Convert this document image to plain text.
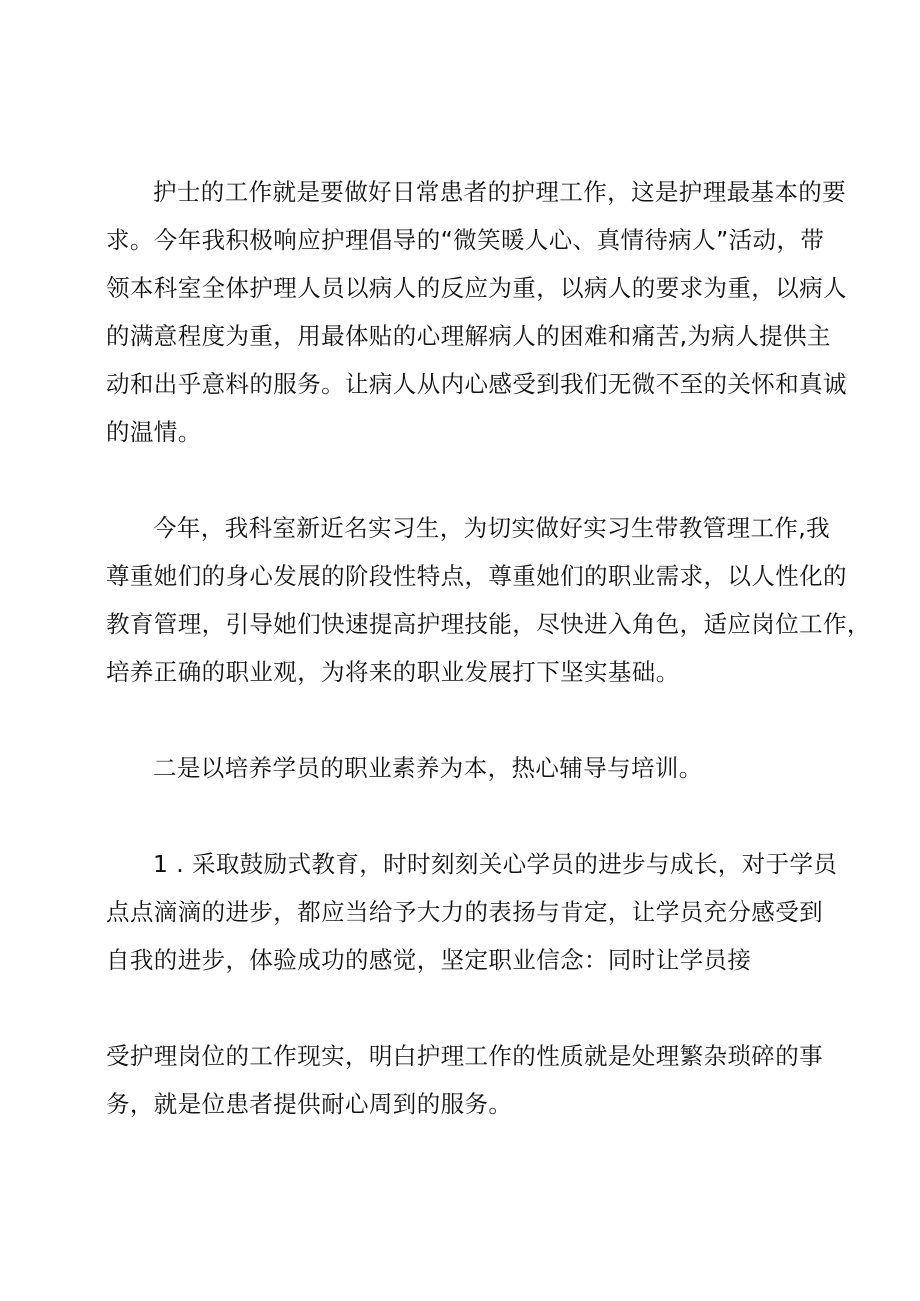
护士的工作就是要做好日常患者的护理工作，这是护理最基本的要

求。今年我积极响应护理倡导的“微笑暖人心、真情待病人”活动，带

领本科室全体护理人员以病人的反应为重，以病人的要求为重，以病人

的满意程度为重，用最体贴的心理解病人的困难和痛苦,为病人提供主

动和出乎意料的服务。让病人从内心感受到我们无微不至的关怀和真诚

的温情。

今年，我科室新近名实习生，为切实做好实习生带教管理工作,我

尊重她们的身心发展的阶段性特点，尊重她们的职业需求，以人性化的

教育管理，引导她们快速提高护理技能，尽快进入角色，适应岗位工作，

培养正确的职业观，为将来的职业发展打下坚实基础。

二是以培养学员的职业素养为本，热心辅导与培训。

1 . 采取鼓励式教育，时时刻刻关心学员的进步与成长，对于学员

点点滴滴的进步，都应当给予大力的表扬与肯定，让学员充分感受到

自我的进步，体验成功的感觉，坚定职业信念：同时让学员接

受护理岗位的工作现实，明白护理工作的性质就是处理繁杂琐碎的事

务，就是位患者提供耐心周到的服务。
